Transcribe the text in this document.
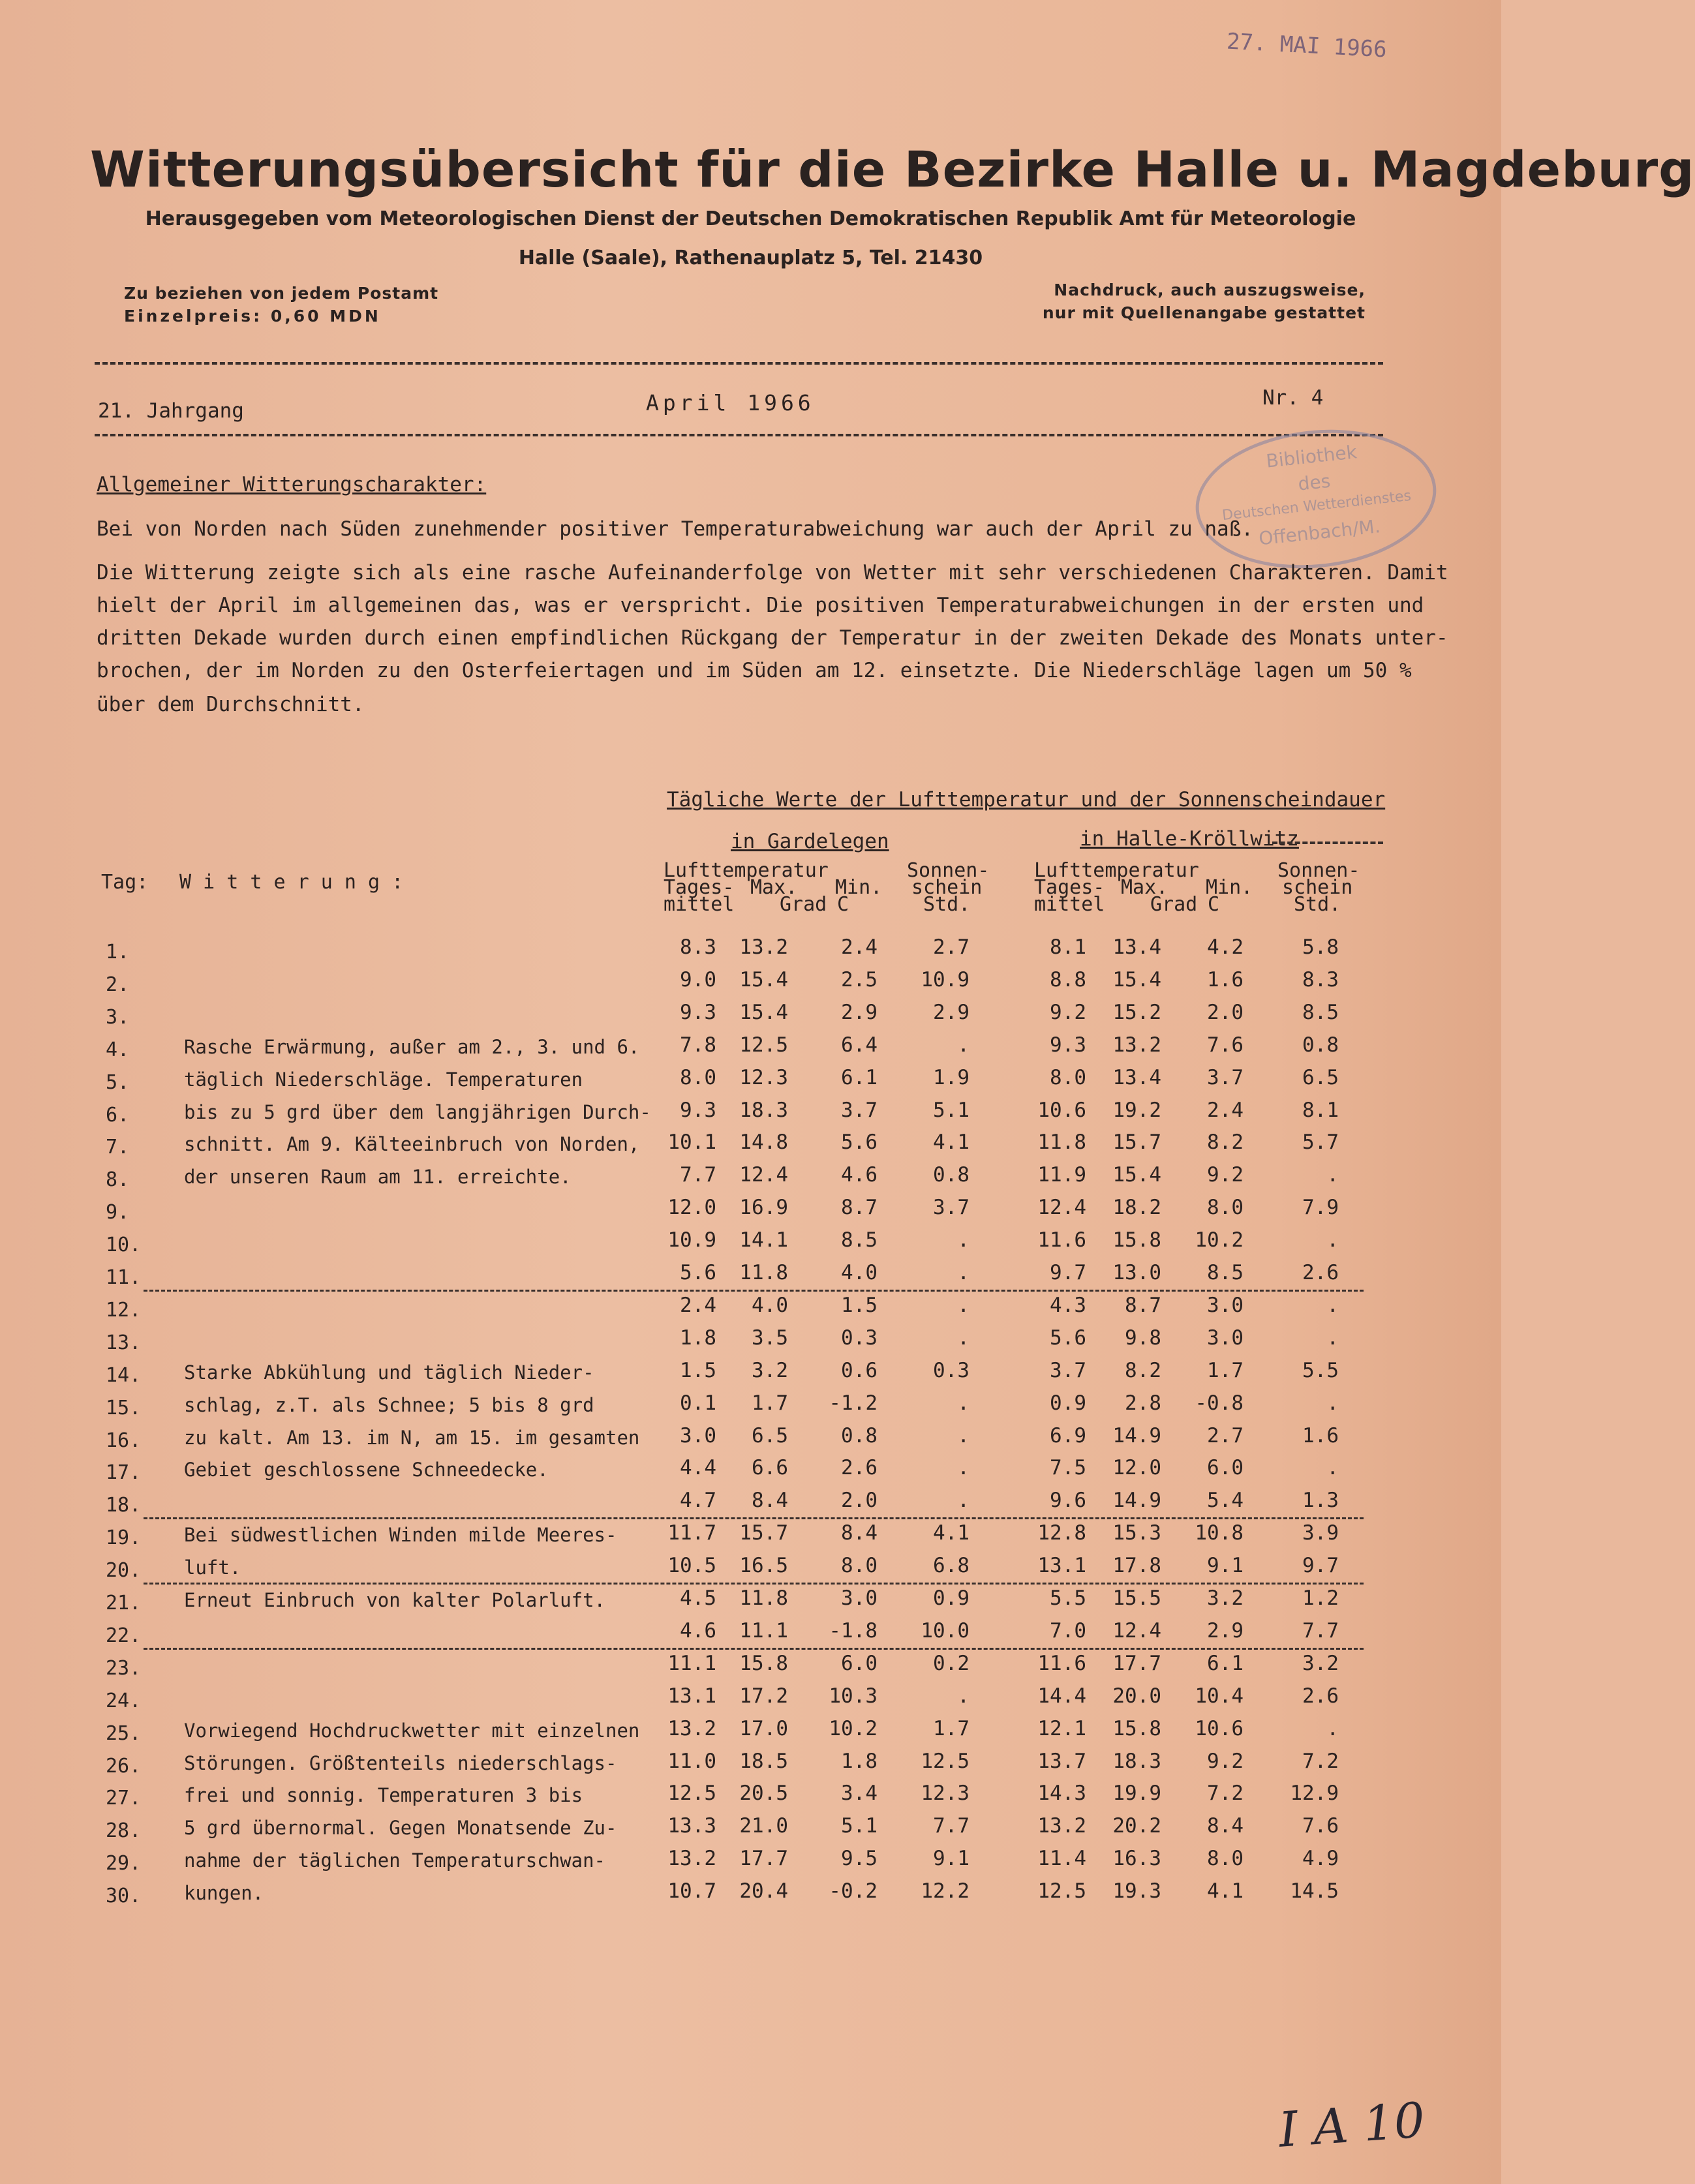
27. MAI 1966
Witterungsübersicht für die Bezirke Halle u. Magdeburg
Herausgegeben vom Meteorologischen Dienst der Deutschen Demokratischen Republik Amt für Meteorologie
Halle (Saale), Rathenauplatz 5, Tel. 21430
Zu beziehen von jedem Postamt
Einzelpreis: 0,60 MDN
Nachdruck, auch auszugsweise,
nur mit Quellenangabe gestattet
21. Jahrgang	April 1966	Nr. 4
Bibliothek
des
Deutschen Wetterdienstes
Offenbach/M.
Allgemeiner Witterungscharakter:
Bei von Norden nach Süden zunehmender positiver Temperaturabweichung war auch der April zu naß.
Die Witterung zeigte sich als eine rasche Aufeinanderfolge von Wetter mit sehr verschiedenen Charakteren. Damit
hielt der April im allgemeinen das, was er verspricht. Die positiven Temperaturabweichungen in der ersten und
dritten Dekade wurden durch einen empfindlichen Rückgang der Temperatur in der zweiten Dekade des Monats unter-
brochen, der im Norden zu den Osterfeiertagen und im Süden am 12. einsetzte. Die Niederschläge lagen um 50 %
über dem Durchschnitt.
Tägliche Werte der Lufttemperatur und der Sonnenscheindauer
in Gardelegen	in Halle-Kröllwitz
Tag: W i t t e r u n g :
Lufttemperatur
Tages-
mittel
Max.
Grad
Min.
C
Sonnen-
schein
Std.
Lufttemperatur
Tages-
mittel
Max.
Grad
Min.
C
Sonnen-
schein
Std.
1.	8.3	13.2	2.4	2.7	8.1	13.4	4.2	5.8
2.	9.0	15.4	2.5	10.9	8.8	15.4	1.6	8.3
3.	9.3	15.4	2.9	2.9	9.2	15.2	2.0	8.5
4.	7.8	12.5	6.4	.	9.3	13.2	7.6	0.8
5.	8.0	12.3	6.1	1.9	8.0	13.4	3.7	6.5
6.	9.3	18.3	3.7	5.1	10.6	19.2	2.4	8.1
7.	10.1	14.8	5.6	4.1	11.8	15.7	8.2	5.7
8.	7.7	12.4	4.6	0.8	11.9	15.4	9.2	.
9.	12.0	16.9	8.7	3.7	12.4	18.2	8.0	7.9
10.	10.9	14.1	8.5	.	11.6	15.8	10.2	.
11.	5.6	11.8	4.0	.	9.7	13.0	8.5	2.6
12.	2.4	4.0	1.5	.	4.3	8.7	3.0	.
13.	1.8	3.5	0.3	.	5.6	9.8	3.0	.
14.	1.5	3.2	0.6	0.3	3.7	8.2	1.7	5.5
15.	0.1	1.7	-1.2	.	0.9	2.8	-0.8	.
16.	3.0	6.5	0.8	.	6.9	14.9	2.7	1.6
17.	4.4	6.6	2.6	.	7.5	12.0	6.0	.
18.	4.7	8.4	2.0	.	9.6	14.9	5.4	1.3
19.	11.7	15.7	8.4	4.1	12.8	15.3	10.8	3.9
20.	10.5	16.5	8.0	6.8	13.1	17.8	9.1	9.7
21.	4.5	11.8	3.0	0.9	5.5	15.5	3.2	1.2
22.	4.6	11.1	-1.8	10.0	7.0	12.4	2.9	7.7
23.	11.1	15.8	6.0	0.2	11.6	17.7	6.1	3.2
24.	13.1	17.2	10.3	.	14.4	20.0	10.4	2.6
25.	13.2	17.0	10.2	1.7	12.1	15.8	10.6	.
26.	11.0	18.5	1.8	12.5	13.7	18.3	9.2	7.2
27.	12.5	20.5	3.4	12.3	14.3	19.9	7.2	12.9
28.	13.3	21.0	5.1	7.7	13.2	20.2	8.4	7.6
29.	13.2	17.7	9.5	9.1	11.4	16.3	8.0	4.9
30.	10.7	20.4	-0.2	12.2	12.5	19.3	4.1	14.5
Rasche Erwärmung, außer am 2., 3. und 6.
täglich Niederschläge. Temperaturen
bis zu 5 grd über dem langjährigen Durch-
schnitt. Am 9. Kälteeinbruch von Norden,
der unseren Raum am 11. erreichte.
Starke Abkühlung und täglich Nieder-
schlag, z.T. als Schnee; 5 bis 8 grd
zu kalt. Am 13. im N, am 15. im gesamten
Gebiet geschlossene Schneedecke.
Bei südwestlichen Winden milde Meeres-
luft.
Erneut Einbruch von kalter Polarluft.
Vorwiegend Hochdruckwetter mit einzelnen
Störungen. Größtenteils niederschlags-
frei und sonnig. Temperaturen 3 bis
5 grd übernormal. Gegen Monatsende Zu-
nahme der täglichen Temperaturschwan-
kungen.
I A 10
